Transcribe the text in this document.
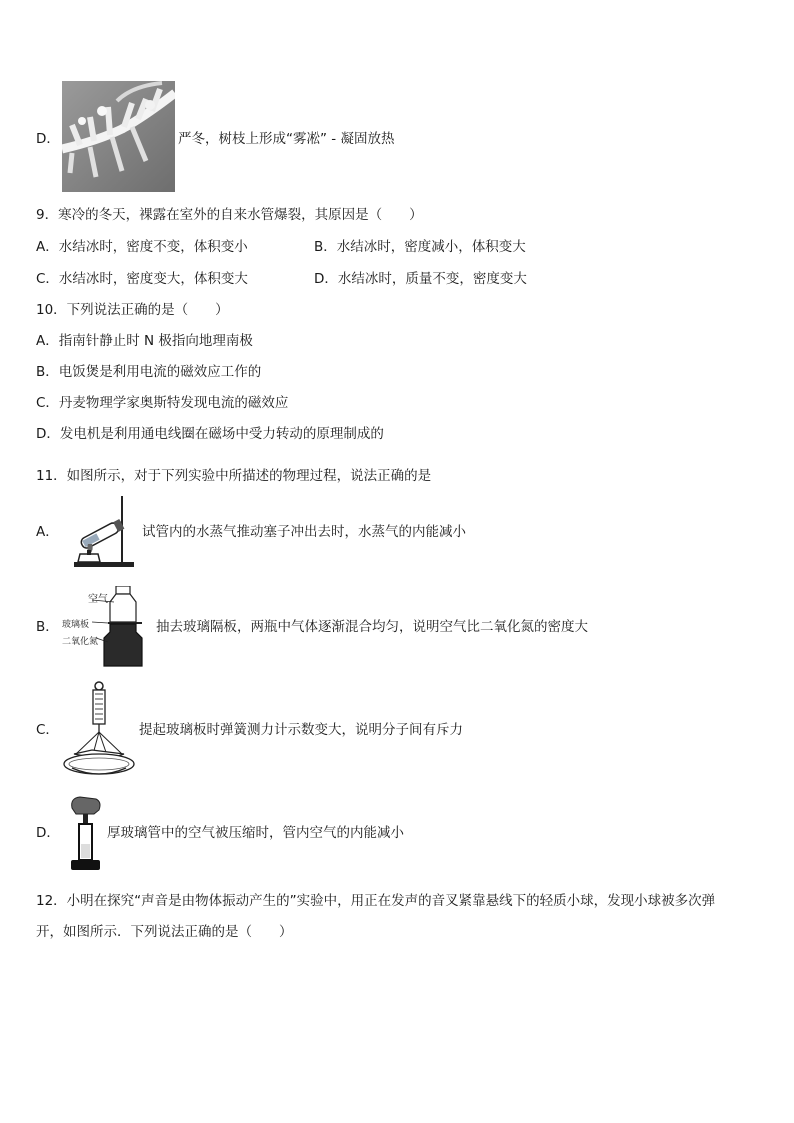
D．	严冬，树枝上形成“雾凇” - 凝固放热
9．寒冷的冬天，裸露在室外的自来水管爆裂，其原因是（　　）
A．水结冰时，密度不变，体积变小	B．水结冰时，密度减小，体积变大
C．水结冰时，密度变大，体积变大	D．水结冰时，质量不变，密度变大
10．下列说法正确的是（　　）
A．指南针静止时 N 极指向地理南极
B．电饭煲是利用电流的磁效应工作的
C．丹麦物理学家奥斯特发现电流的磁效应
D．发电机是利用通电线圈在磁场中受力转动的原理制成的
11．如图所示，对于下列实验中所描述的物理过程，说法正确的是
A．	试管内的水蒸气推动塞子冲出去时，水蒸气的内能减小
B．
空气
玻璃板
二氧化氮
抽去玻璃隔板，两瓶中气体逐渐混合均匀，说明空气比二氧化氮的密度大
C．	提起玻璃板时弹簧测力计示数变大，说明分子间有斥力
D．	厚玻璃管中的空气被压缩时，管内空气的内能减小
12．小明在探究“声音是由物体振动产生的”实验中，用正在发声的音叉紧靠悬线下的轻质小球，发现小球被多次弹
开，如图所示．下列说法正确的是（　　）
